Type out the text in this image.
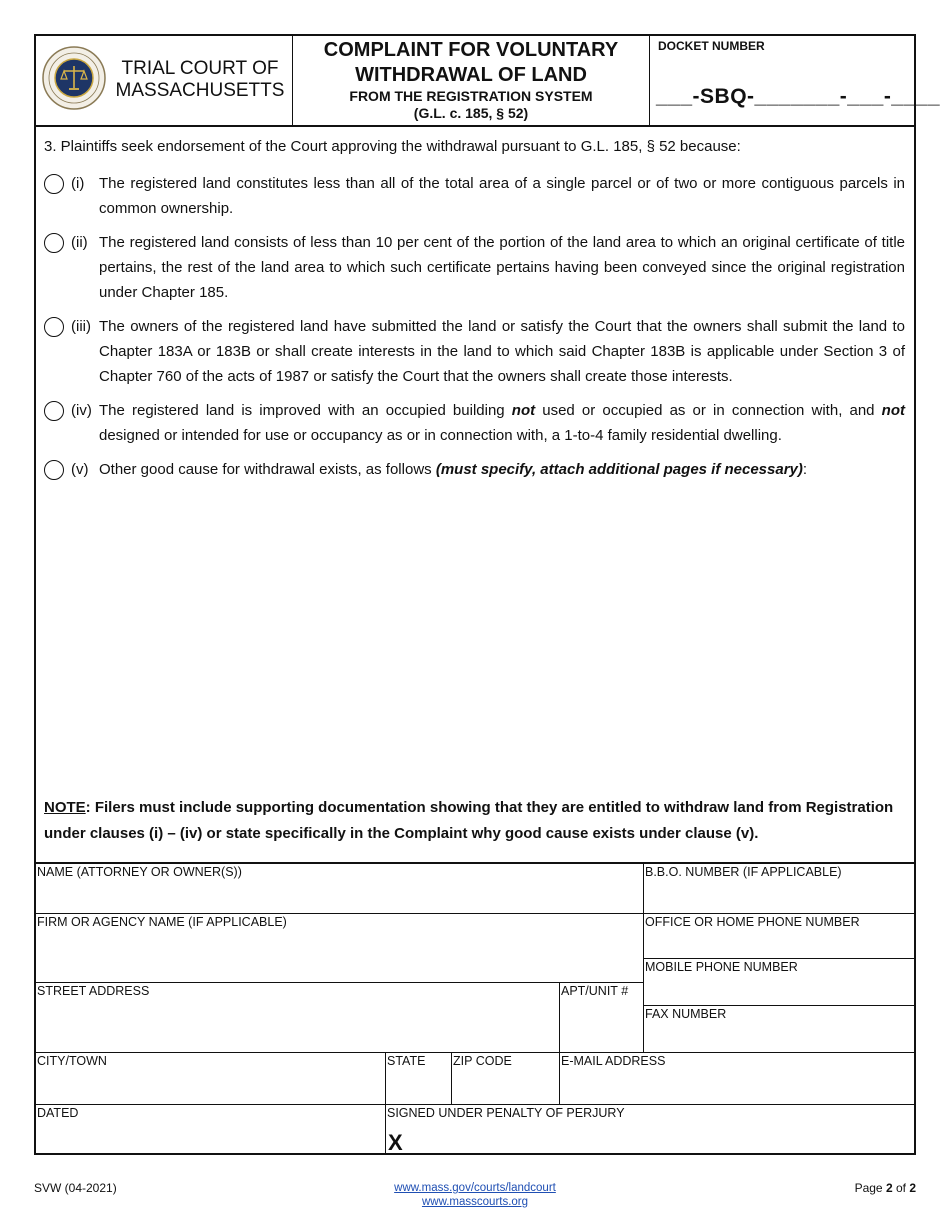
TRIAL COURT OF MASSACHUSETTS
COMPLAINT FOR VOLUNTARY
WITHDRAWAL OF LAND
FROM THE REGISTRATION SYSTEM
(G.L. c. 185, § 52)
DOCKET NUMBER
___-SBQ-_______-___-____
3. Plaintiffs seek endorsement of the Court approving the withdrawal pursuant to G.L. 185, § 52 because:
(i) The registered land constitutes less than all of the total area of a single parcel or of two or more contiguous parcels in common ownership.
(ii) The registered land consists of less than 10 per cent of the portion of the land area to which an original certificate of title pertains, the rest of the land area to which such certificate pertains having been conveyed since the original registration under Chapter 185.
(iii) The owners of the registered land have submitted the land or satisfy the Court that the owners shall submit the land to Chapter 183A or 183B or shall create interests in the land to which said Chapter 183B is applicable under Section 3 of Chapter 760 of the acts of 1987 or satisfy the Court that the owners shall create those interests.
(iv) The registered land is improved with an occupied building not used or occupied as or in connection with, and not designed or intended for use or occupancy as or in connection with, a 1-to-4 family residential dwelling.
(v) Other good cause for withdrawal exists, as follows (must specify, attach additional pages if necessary):
NOTE: Filers must include supporting documentation showing that they are entitled to withdraw land from Registration under clauses (i) – (iv) or state specifically in the Complaint why good cause exists under clause (v).
NAME (ATTORNEY OR OWNER(S))	B.B.O. NUMBER (IF APPLICABLE)
FIRM OR AGENCY NAME (IF APPLICABLE)	OFFICE OR HOME PHONE NUMBER
MOBILE PHONE NUMBER
STREET ADDRESS	APT/UNIT #
FAX NUMBER
CITY/TOWN	STATE ZIP CODE	E-MAIL ADDRESS
DATED	SIGNED UNDER PENALTY OF PERJURY
X
SVW (04-2021)	www.mass.gov/courts/landcourt
www.masscourts.org
Page 2 of 2
